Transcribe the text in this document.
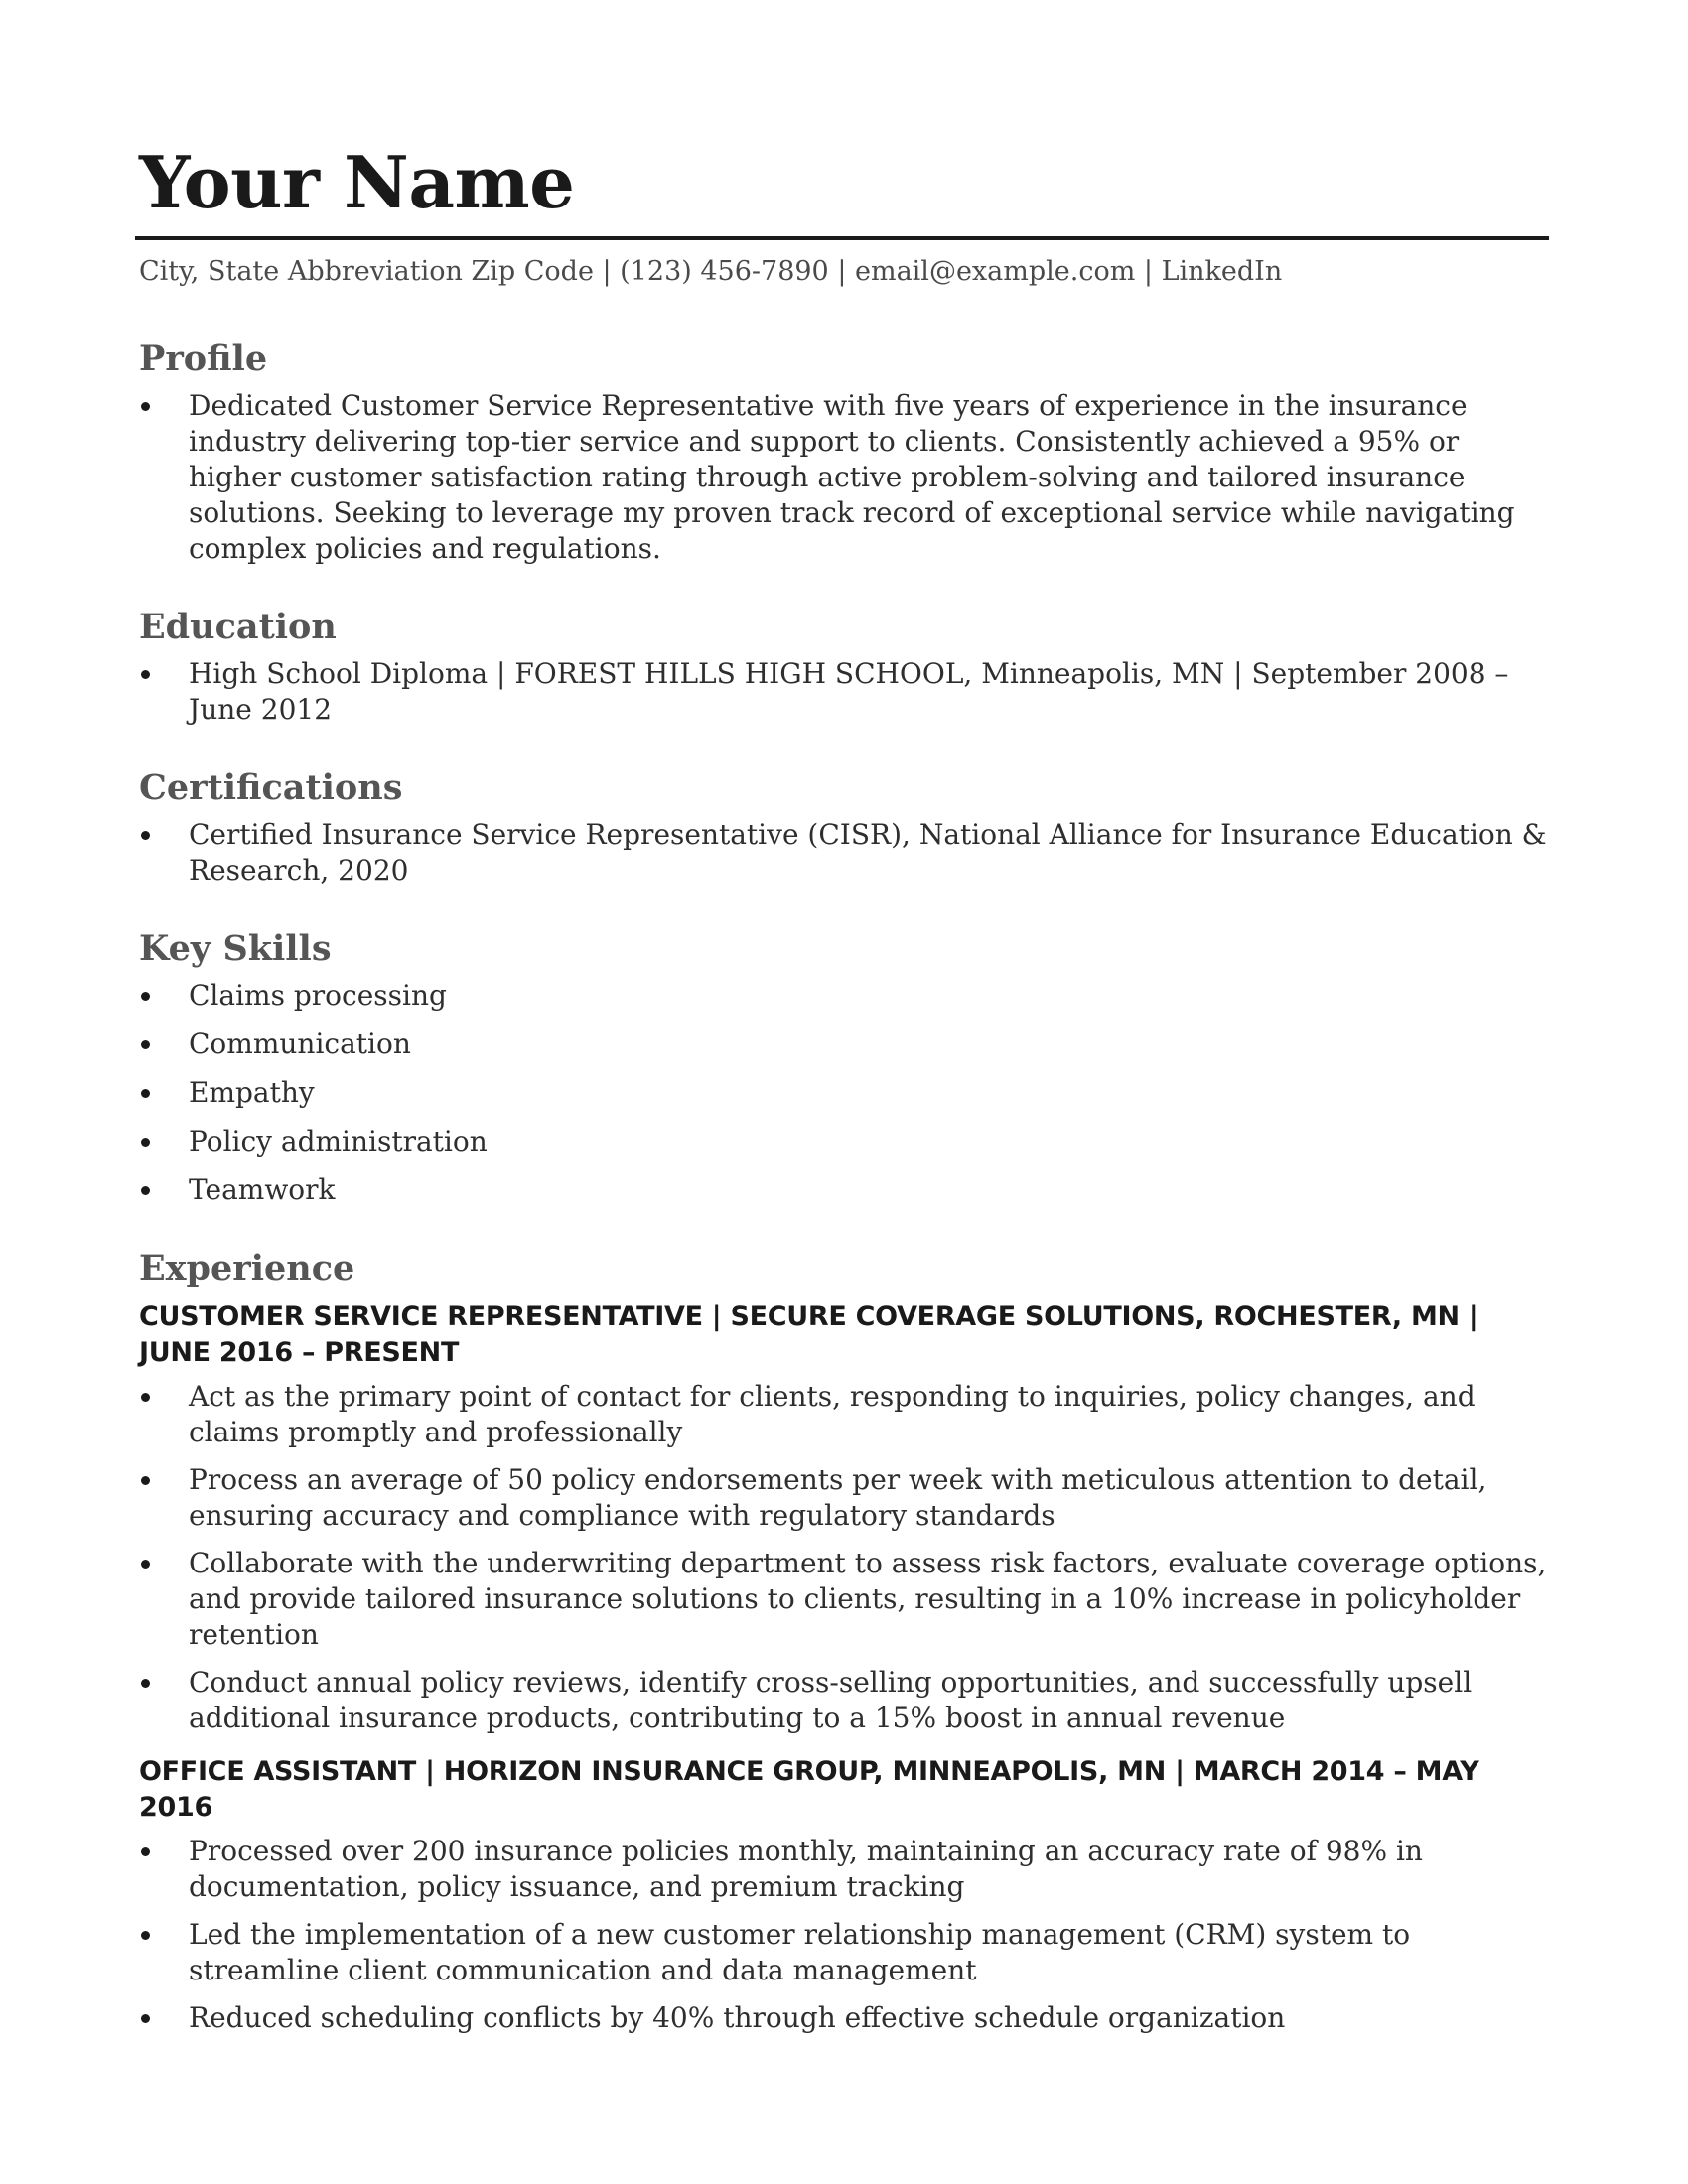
Your Name
City, State Abbreviation Zip Code | (123) 456-7890 | email@example.com | LinkedIn
Profile
Dedicated Customer Service Representative with five years of experience in the insurance industry delivering top-tier service and support to clients. Consistently achieved a 95% or higher customer satisfaction rating through active problem-solving and tailored insurance solutions. Seeking to leverage my proven track record of exceptional service while navigating complex policies and regulations.
Education
High School Diploma | FOREST HILLS HIGH SCHOOL, Minneapolis, MN | September 2008 – June 2012
Certifications
Certified Insurance Service Representative (CISR), National Alliance for Insurance Education & Research, 2020
Key Skills
Claims processing
Communication
Empathy
Policy administration
Teamwork
Experience
CUSTOMER SERVICE REPRESENTATIVE | SECURE COVERAGE SOLUTIONS, ROCHESTER, MN | JUNE 2016 – PRESENT
Act as the primary point of contact for clients, responding to inquiries, policy changes, and claims promptly and professionally
Process an average of 50 policy endorsements per week with meticulous attention to detail, ensuring accuracy and compliance with regulatory standards
Collaborate with the underwriting department to assess risk factors, evaluate coverage options, and provide tailored insurance solutions to clients, resulting in a 10% increase in policyholder retention
Conduct annual policy reviews, identify cross-selling opportunities, and successfully upsell additional insurance products, contributing to a 15% boost in annual revenue
OFFICE ASSISTANT | HORIZON INSURANCE GROUP, MINNEAPOLIS, MN | MARCH 2014 – MAY 2016
Processed over 200 insurance policies monthly, maintaining an accuracy rate of 98% in documentation, policy issuance, and premium tracking
Led the implementation of a new customer relationship management (CRM) system to streamline client communication and data management
Reduced scheduling conflicts by 40% through effective schedule organization
